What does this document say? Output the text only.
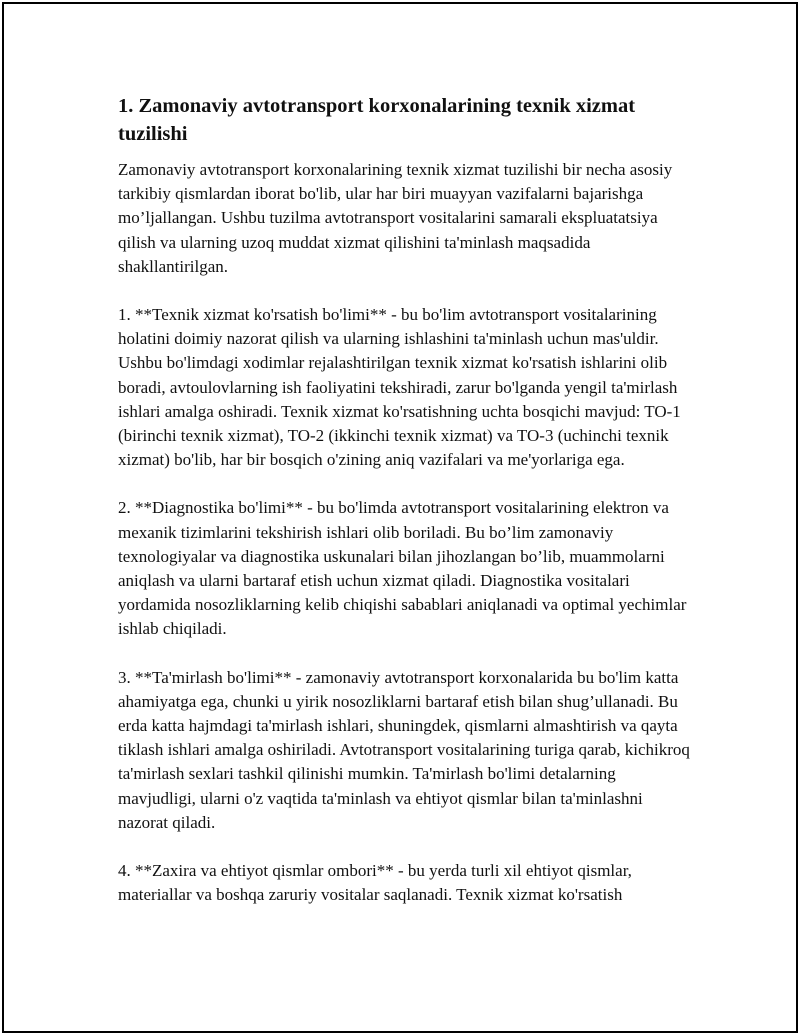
1. Zamonaviy avtotransport korxonalarining texnik xizmat tuzilishi

Zamonaviy avtotransport korxonalarining texnik xizmat tuzilishi bir necha asosiy tarkibiy qismlardan iborat bo'lib, ular har biri muayyan vazifalarni bajarishga mo’ljallangan. Ushbu tuzilma avtotransport vositalarini samarali ekspluatatsiya qilish va ularning uzoq muddat xizmat qilishini ta'minlash maqsadida shakllantirilgan.

1. **Texnik xizmat ko'rsatish bo'limi** - bu bo'lim avtotransport vositalarining holatini doimiy nazorat qilish va ularning ishlashini ta'minlash uchun mas'uldir. Ushbu bo'limdagi xodimlar rejalashtirilgan texnik xizmat ko'rsatish ishlarini olib boradi, avtoulovlarning ish faoliyatini tekshiradi, zarur bo'lganda yengil ta'mirlash ishlari amalga oshiradi. Texnik xizmat ko'rsatishning uchta bosqichi mavjud: TO-1 (birinchi texnik xizmat), TO-2 (ikkinchi texnik xizmat) va TO-3 (uchinchi texnik xizmat) bo'lib, har bir bosqich o'zining aniq vazifalari va me'yorlariga ega.

2. **Diagnostika bo'limi** - bu bo'limda avtotransport vositalarining elektron va mexanik tizimlarini tekshirish ishlari olib boriladi. Bu bo’lim zamonaviy texnologiyalar va diagnostika uskunalari bilan jihozlangan bo’lib, muammolarni aniqlash va ularni bartaraf etish uchun xizmat qiladi. Diagnostika vositalari yordamida nosozliklarning kelib chiqishi sabablari aniqlanadi va optimal yechimlar ishlab chiqiladi.

3. **Ta'mirlash bo'limi** - zamonaviy avtotransport korxonalarida bu bo'lim katta ahamiyatga ega, chunki u yirik nosozliklarni bartaraf etish bilan shug’ullanadi. Bu erda katta hajmdagi ta'mirlash ishlari, shuningdek, qismlarni almashtirish va qayta tiklash ishlari amalga oshiriladi. Avtotransport vositalarining turiga qarab, kichikroq ta'mirlash sexlari tashkil qilinishi mumkin. Ta'mirlash bo'limi detalarning mavjudligi, ularni o'z vaqtida ta'minlash va ehtiyot qismlar bilan ta'minlashni nazorat qiladi.

4. **Zaxira va ehtiyot qismlar ombori** - bu yerda turli xil ehtiyot qismlar, materiallar va boshqa zaruriy vositalar saqlanadi. Texnik xizmat ko'rsatish
